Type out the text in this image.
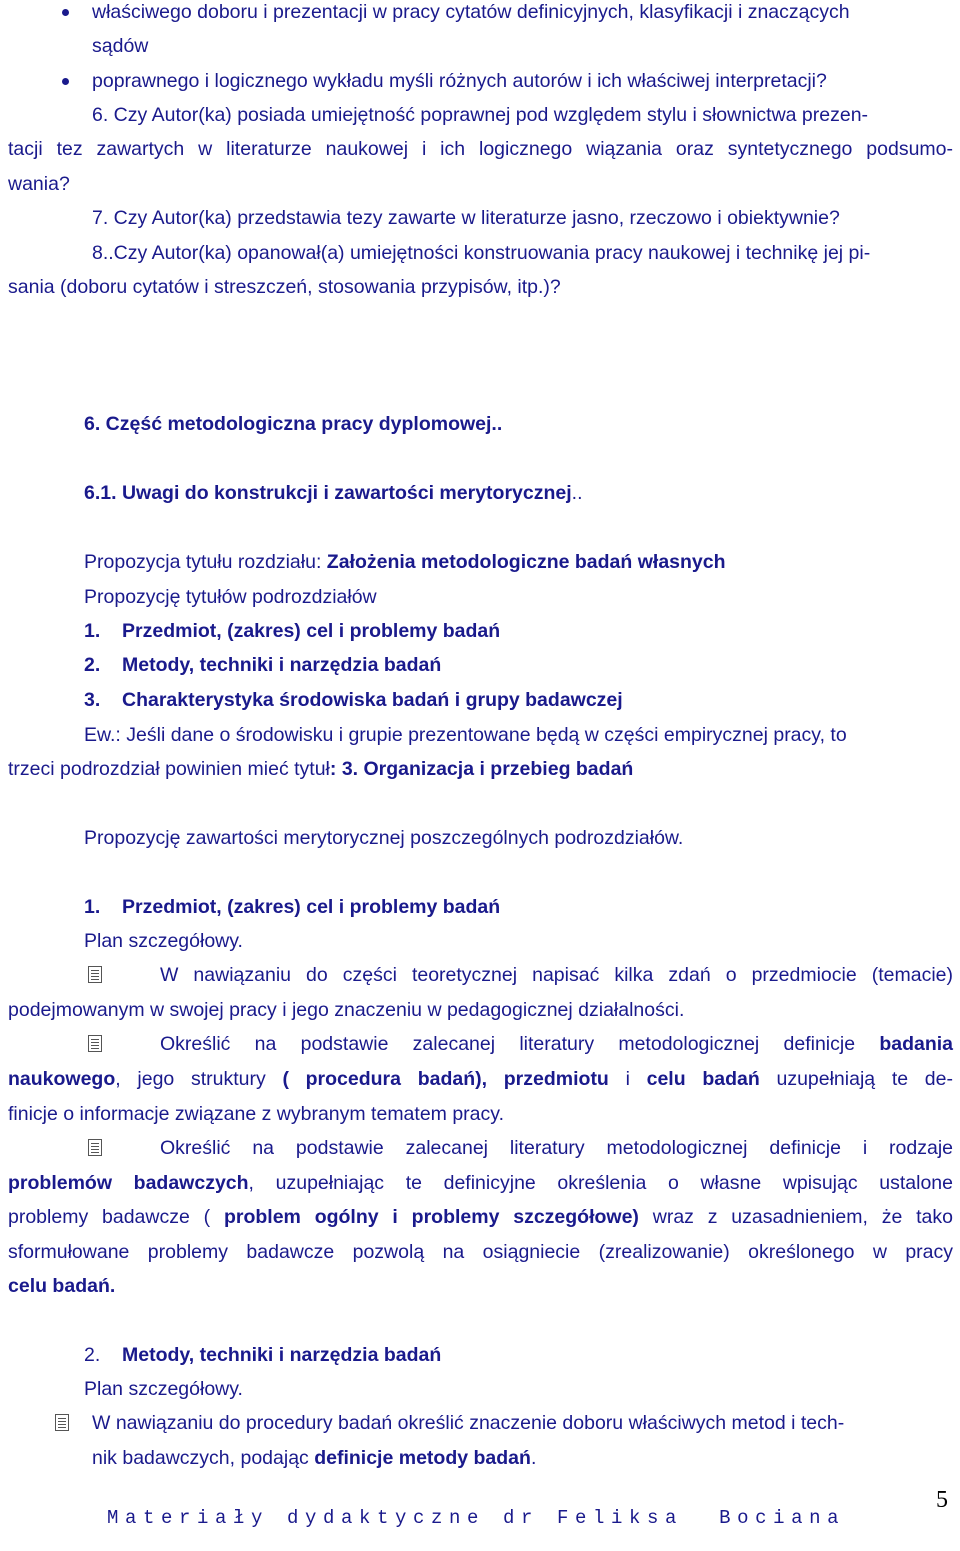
właściwego doboru i prezentacji w pracy cytatów definicyjnych, klasyfikacji i znaczących
sądów
poprawnego i logicznego wykładu myśli różnych autorów i ich właściwej interpretacji?
6. Czy Autor(ka) posiada umiejętność poprawnej pod względem stylu i słownictwa prezen-
tacji tez zawartych w literaturze naukowej i ich logicznego wiązania oraz syntetycznego podsumo-
wania?
7. Czy Autor(ka) przedstawia tezy zawarte w literaturze jasno, rzeczowo i obiektywnie?
8..Czy Autor(ka) opanował(a) umiejętności konstruowania pracy naukowej i technikę jej pi-
sania (doboru cytatów i streszczeń, stosowania przypisów, itp.)?
6. Część metodologiczna pracy dyplomowej..
6.1. Uwagi do konstrukcji i zawartości merytorycznej..
Propozycja tytułu rozdziału: Założenia metodologiczne badań własnych
Propozycję tytułów podrozdziałów
1. Przedmiot, (zakres) cel i problemy badań
2. Metody, techniki i narzędzia badań
3. Charakterystyka środowiska badań i grupy badawczej
Ew.: Jeśli dane o środowisku i grupie prezentowane będą w części empirycznej pracy, to
trzeci podrozdział powinien mieć tytuł: 3. Organizacja i przebieg badań
Propozycję zawartości merytorycznej poszczególnych podrozdziałów.
1. Przedmiot, (zakres) cel i problemy badań
Plan szczegółowy.
W nawiązaniu do części teoretycznej napisać kilka zdań o przedmiocie (temacie)
podejmowanym w swojej pracy i jego znaczeniu w pedagogicznej działalności.
Określić na podstawie zalecanej literatury metodologicznej definicje badania
naukowego, jego struktury ( procedura badań), przedmiotu i celu badań uzupełniają te de-
finicje o informacje związane z wybranym tematem pracy.
Określić na podstawie zalecanej literatury metodologicznej definicje i rodzaje
problemów badawczych, uzupełniając te definicyjne określenia o własne wpisując ustalone
problemy badawcze ( problem ogólny i problemy szczegółowe) wraz z uzasadnieniem, że tako
sformułowane problemy badawcze pozwolą na osiągniecie (zrealizowanie) określonego w pracy
celu badań.
2. Metody, techniki i narzędzia badań
Plan szczegółowy.
W nawiązaniu do procedury badań określić znaczenie doboru właściwych metod i tech-
nik badawczych, podając definicje metody badań.
Materiały dydaktyczne dr Feliksa  Bociana
5
